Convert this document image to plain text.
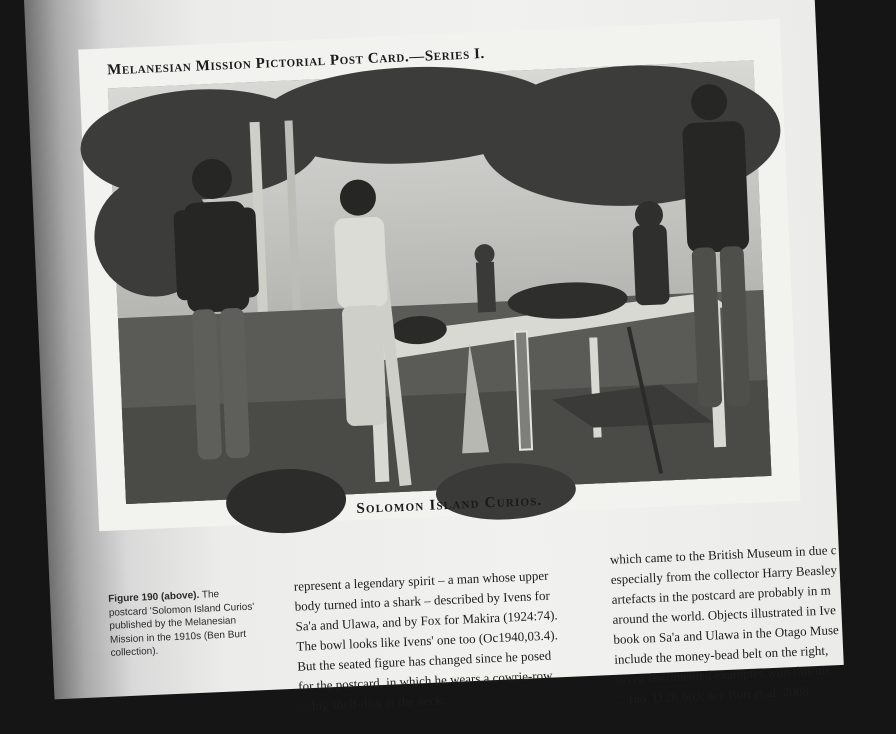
Melanesian Mission Pictorial Post Card.—Series I.
Solomon Island Curios.
Figure 190 (above). The postcard 'Solomon Island Curios' published by the Melanesian Mission in the 1910s (Ben Burt collection).

represent a legendary spirit – a man whose upper

body turned into a shark – described by Ivens for

Sa'a and Ulawa, and by Fox for Makira (1924:74).

The bowl looks like Ivens' one too (Oc1940,03.4).

But the seated figure has changed since he posed

for the postcard, in which he wears a cowrie-row

... big shell-disk at the neck.

which came to the British Museum in due c

especially from the collector Harry Beasley

artefacts in the postcard are probably in m

around the world. Objects illustrated in Ive

book on Sa'a and Ulawa in the Otago Muse

include the money-bead belt on the right,

seven documented examples with this dis

... (no. D.26.603; see Burt et al. 2008
